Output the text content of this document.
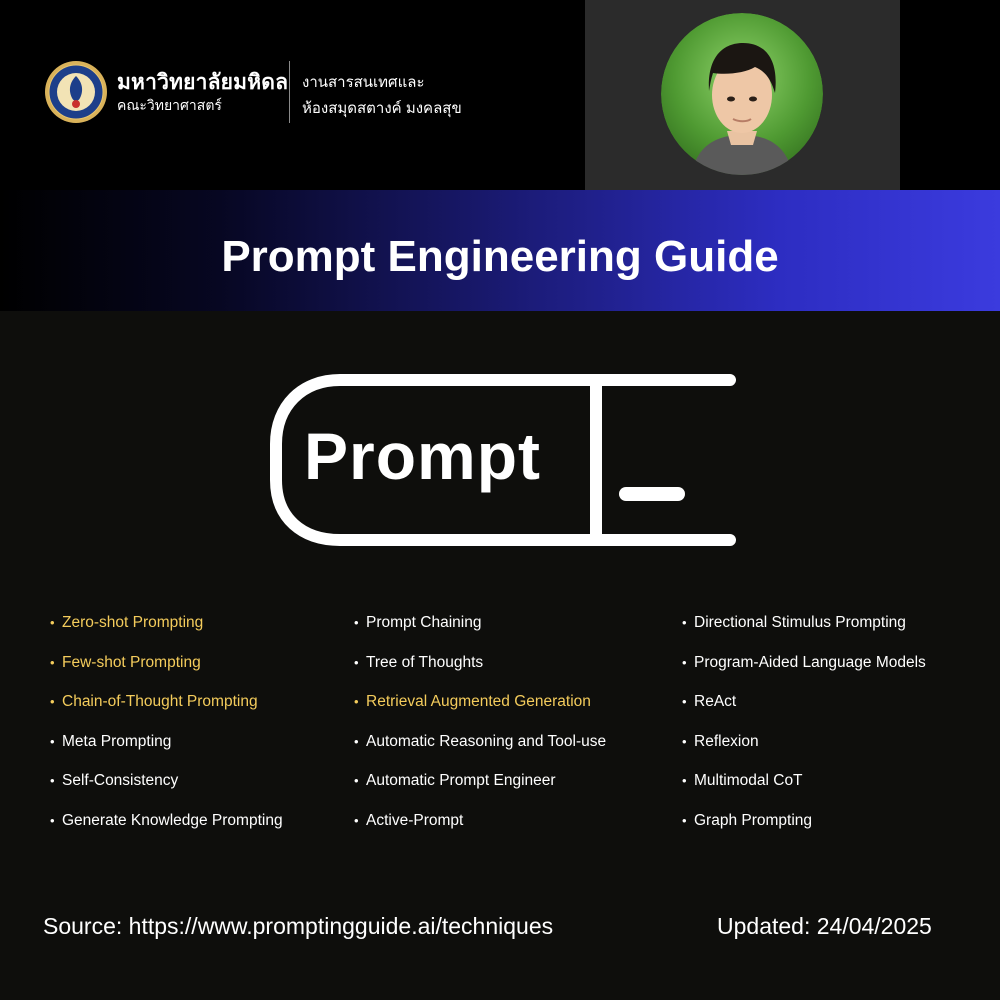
มหาวิทยาลัยมหิดล
คณะวิทยาศาสตร์
งานสารสนเทศและ
ห้องสมุดสตางค์ มงคลสุข
Prompt Engineering Guide
Prompt
• Zero-shot Prompting
• Few-shot Prompting
• Chain-of-Thought Prompting
• Meta Prompting
• Self-Consistency
• Generate Knowledge Prompting
• Prompt Chaining
• Tree of Thoughts
• Retrieval Augmented Generation
• Automatic Reasoning and Tool-use
• Automatic Prompt Engineer
• Active-Prompt
• Directional Stimulus Prompting
• Program-Aided Language Models
• ReAct
• Reflexion
• Multimodal CoT
• Graph Prompting
Source: https://www.promptingguide.ai/techniques	Updated: 24/04/2025
